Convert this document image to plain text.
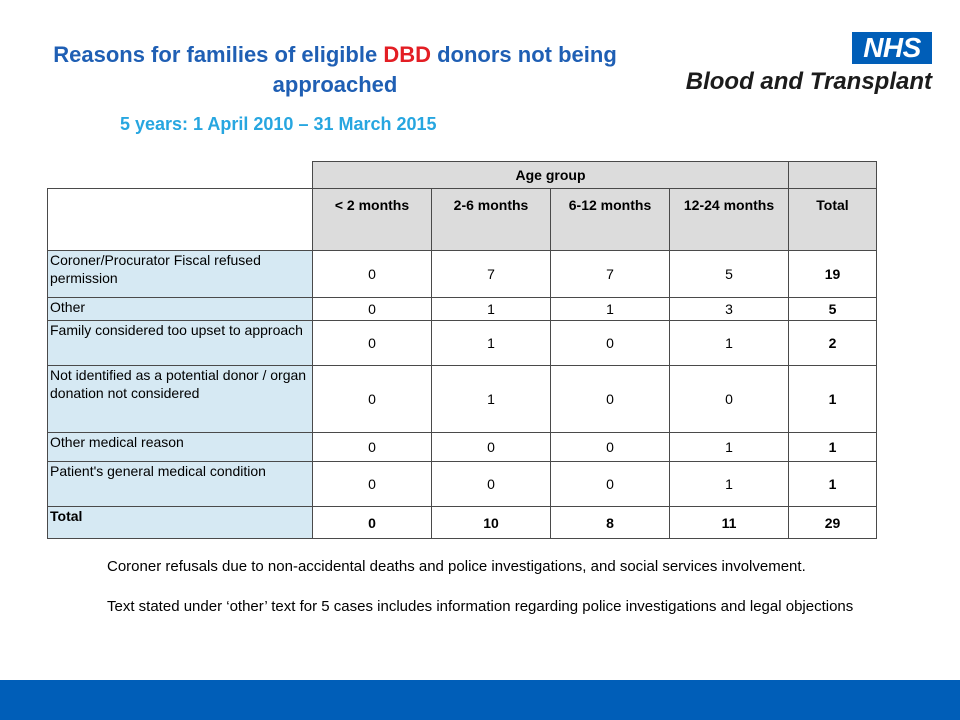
Reasons for families of eligible DBD donors not being approached
5 years: 1 April 2010 – 31 March 2015
NHS
Blood and Transplant
	Age group				
	< 2 months	2-6 months	6-12 months	12-24 months	Total
Coroner/Procurator Fiscal refused permission	0	7	7	5	19
Other	0	1	1	3	5
Family considered too upset to approach	0	1	0	1	2
Not identified as a potential donor / organ donation not considered	0	1	0	0	1
Other medical reason	0	0	0	1	1
Patient's general medical condition	0	0	0	1	1
Total	0	10	8	11	29

Coroner refusals due to non-accidental deaths and police investigations, and social services involvement.

Text stated under ‘other’ text for 5 cases includes information regarding police investigations and legal objections
